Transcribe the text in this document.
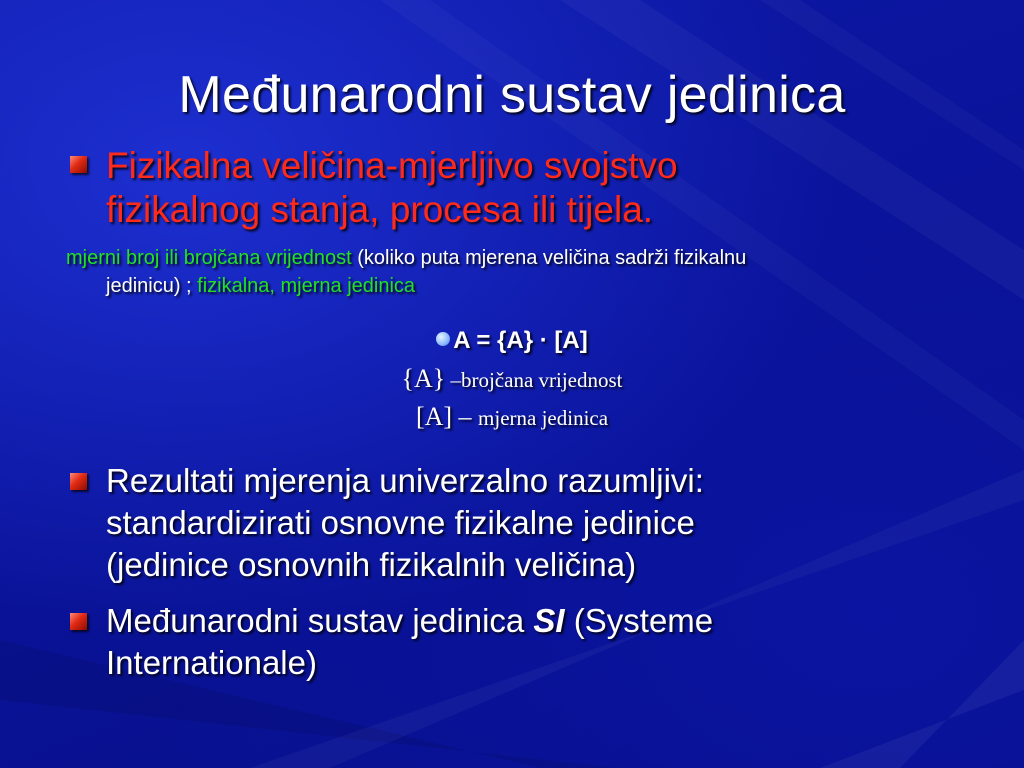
Međunarodni sustav jedinica
Fizikalna veličina-mjerljivo svojstvo
fizikalnog stanja, procesa ili tijela.
mjerni broj ili brojčana vrijednost (koliko puta mjerena veličina sadrži fizikalnu
jedinicu) ; fizikalna, mjerna jedinica
A = {A} · [A]
{A} –brojčana vrijednost
[A] – mjerna jedinica
Rezultati mjerenja univerzalno razumljivi:
standardizirati osnovne fizikalne jedinice
(jedinice osnovnih fizikalnih veličina)
Međunarodni sustav jedinica SI (Systeme
Internationale)
